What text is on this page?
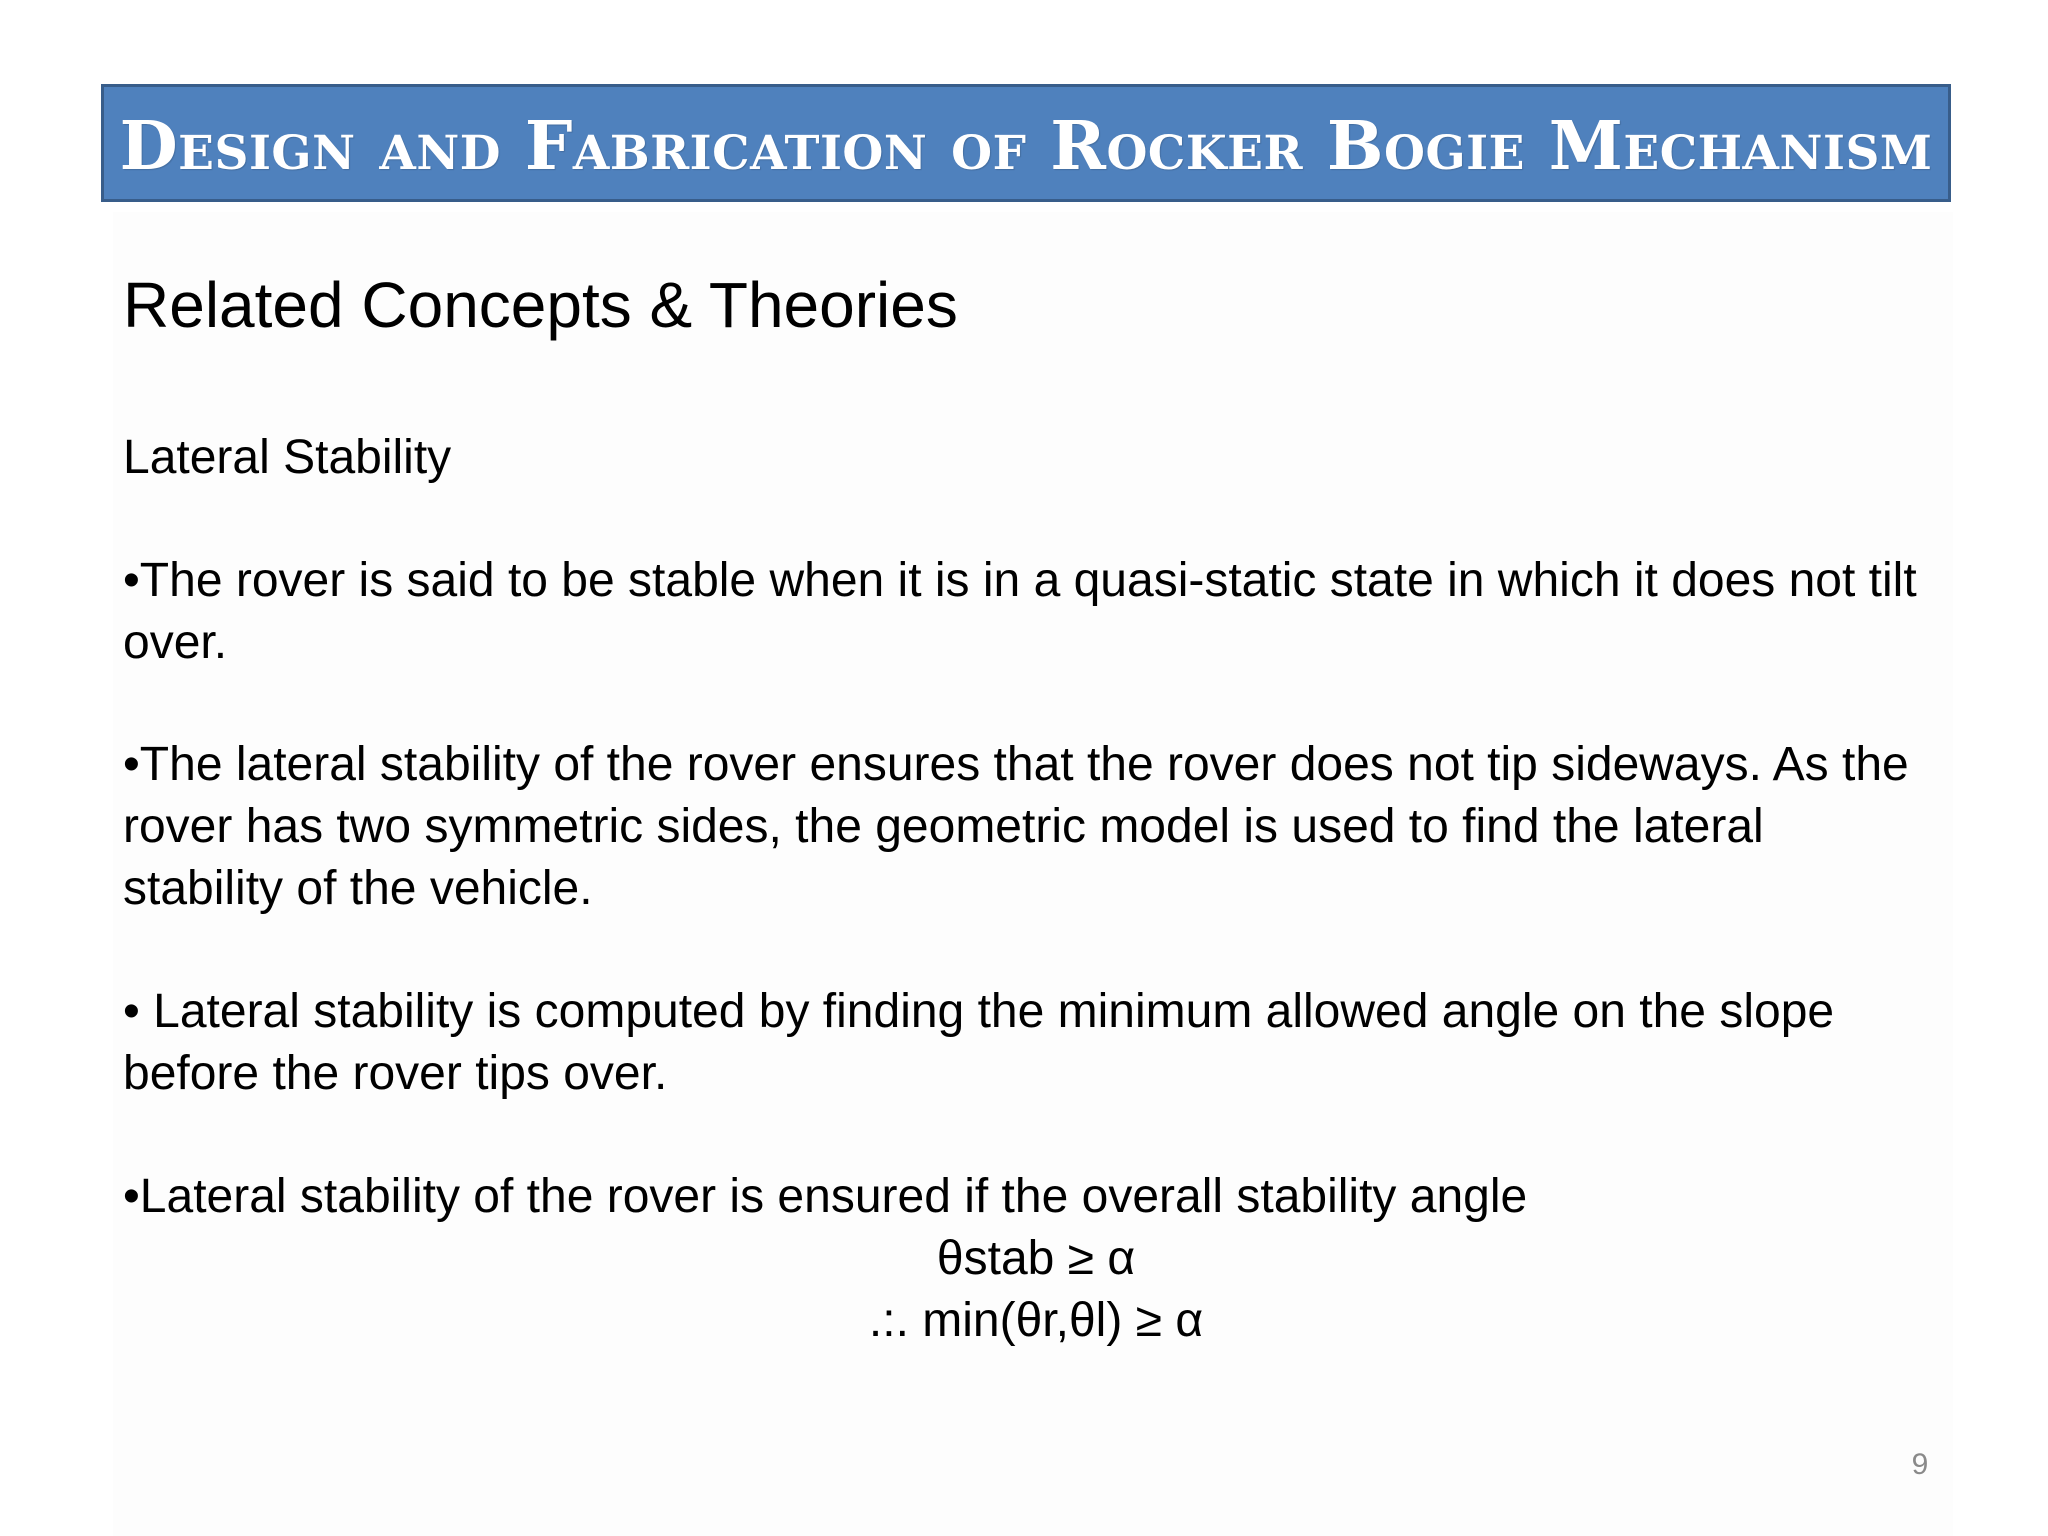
Design and Fabrication of Rocker Bogie Mechanism
Related Concepts & Theories
Lateral Stability

•The rover is said to be stable when it is in a quasi-static state in which it does not tilt over.

•The lateral stability of the rover ensures that the rover does not tip sideways. As the rover has two symmetric sides, the geometric model is used to find the lateral stability of the vehicle.

• Lateral stability is computed by finding the minimum allowed angle on the slope before the rover tips over.

•Lateral stability of the rover is ensured if the overall stability angle
θstab ≥ α
.:. min(θr,θl) ≥ α
9
